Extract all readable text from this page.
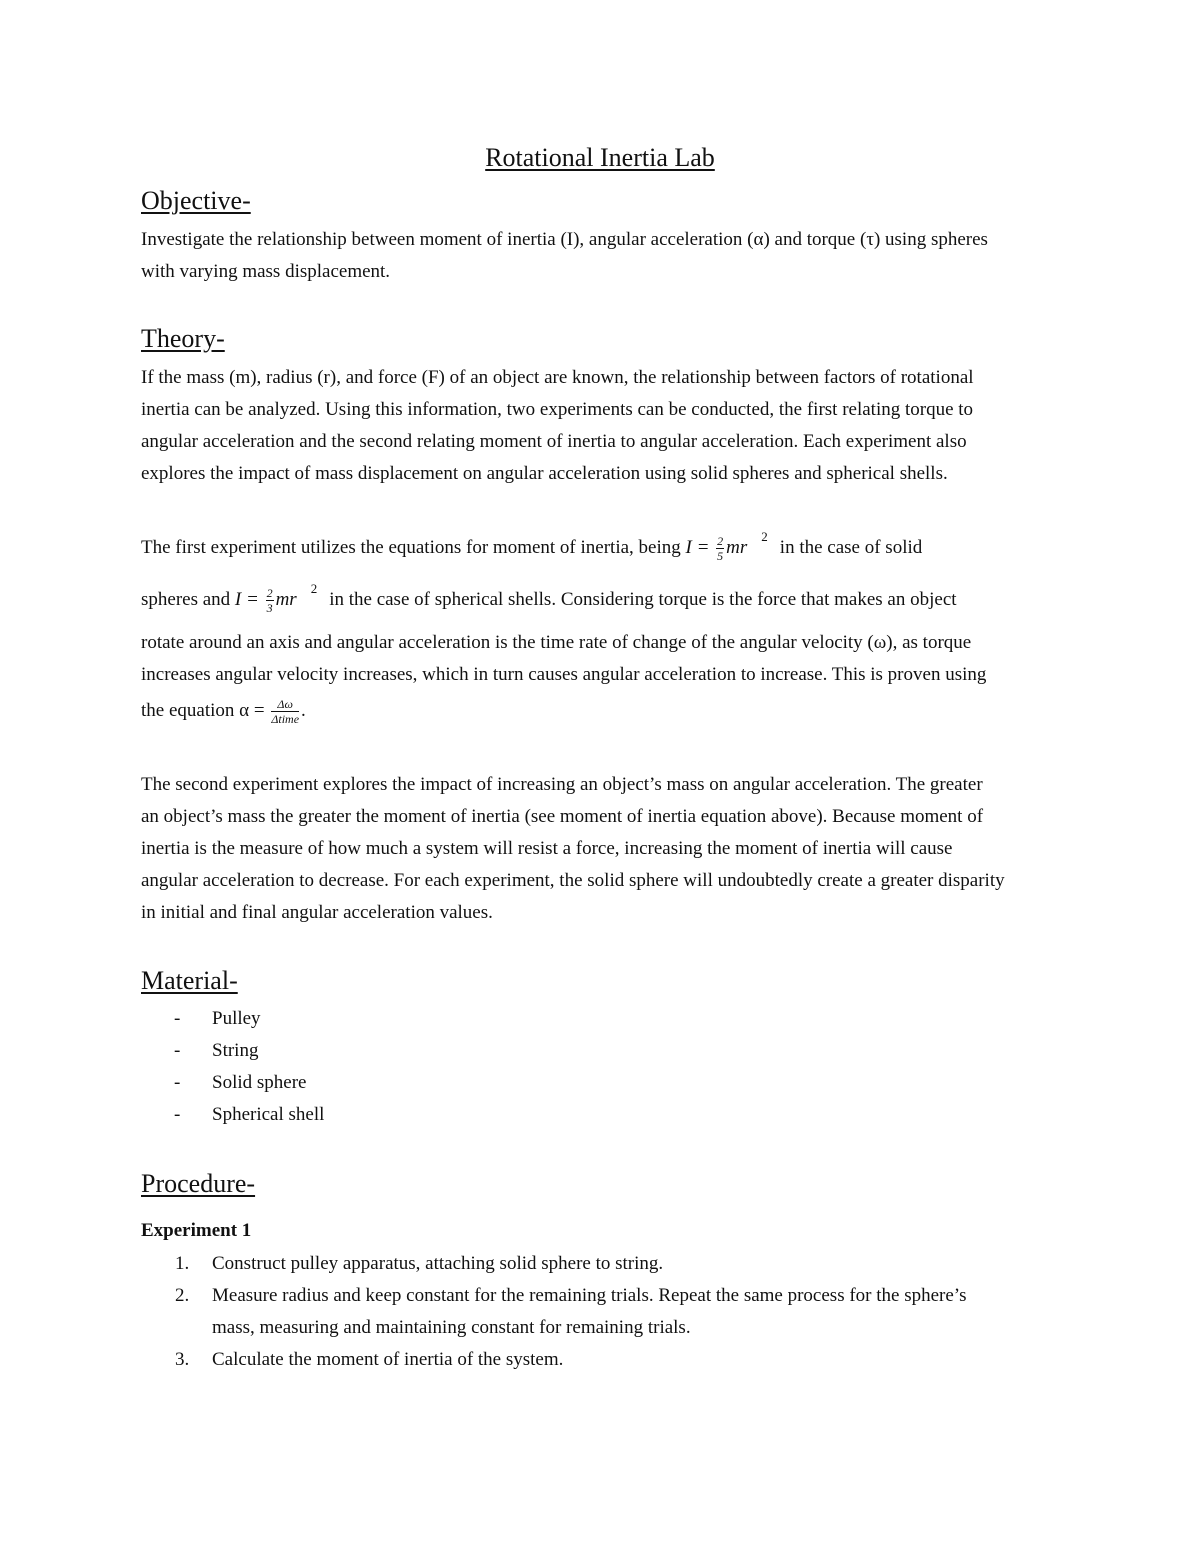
Rotational Inertia Lab
Objective-
Investigate the relationship between moment of inertia (I), angular acceleration (α) and torque (τ) using spheres
with varying mass displacement.
Theory-
If the mass (m), radius (r), and force (F) of an object are known, the relationship between factors of rotational
inertia can be analyzed. Using this information, two experiments can be conducted, the first relating torque to
angular acceleration and the second relating moment of inertia to angular acceleration. Each experiment also
explores the impact of mass displacement on angular acceleration using solid spheres and spherical shells.
The first experiment utilizes the equations for moment of inertia, being $I = \frac{2}{5} mr^2in$ the case of solid
spheres and $I = \frac{2}{3} mr^2in$ the case of spherical shells. Considering torque is the force that makes an object
rotate around an axis and angular acceleration is the time rate of change of the angular velocity (ω), as torque
increases angular velocity increases, which in turn causes angular acceleration to increase. This is proven using
the equation $\alpha = \frac{\Delta\omega}{\text{Δtime}}$ .
The second experiment explores the impact of increasing an object’s mass on angular acceleration. The greater
an object’s mass the greater the moment of inertia (see moment of inertia equation above). Because moment of
inertia is the measure of how much a system will resist a force, increasing the moment of inertia will cause
angular acceleration to decrease. For each experiment, the solid sphere will undoubtedly create a greater disparity
in initial and final angular acceleration values.
Material-
- Pulley
- String
- Solid sphere
- Spherical shell
Procedure-
Experiment 1
1. Construct pulley apparatus, attaching solid sphere to string.
2. Measure radius and keep constant for the remaining trials. Repeat the same process for the sphere’s
mass, measuring and maintaining constant for remaining trials.
3. Calculate the moment of inertia of the system.
